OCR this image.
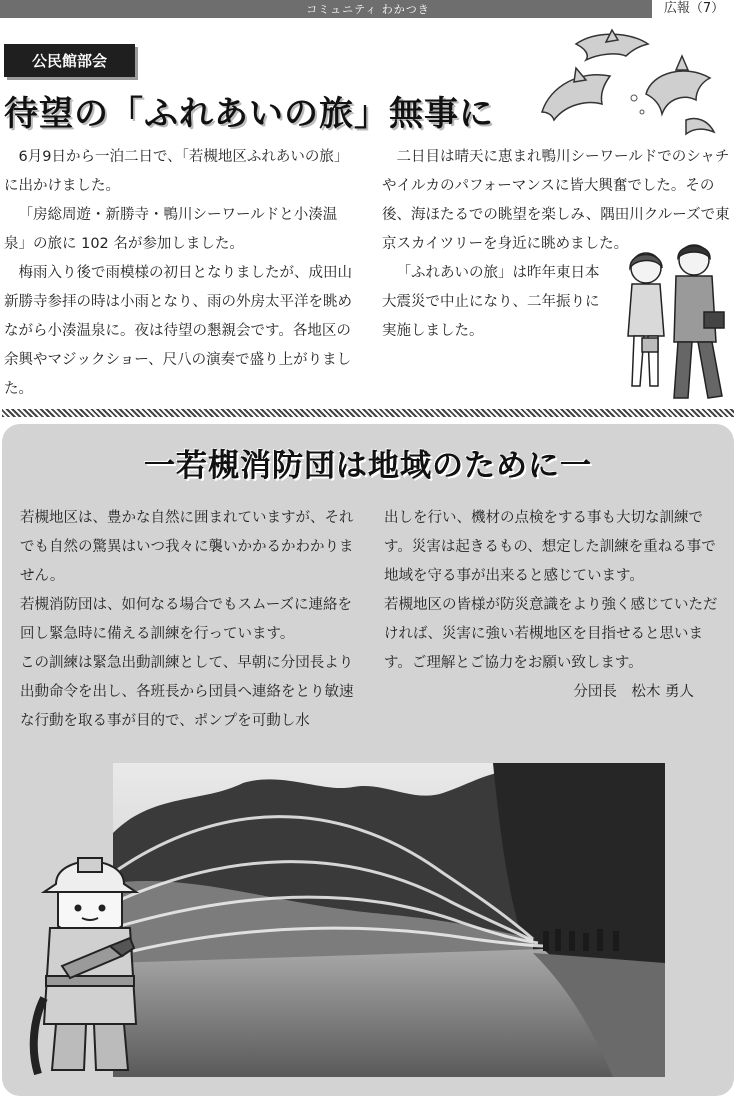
コミュニティ わかつき	広報（7）
公民館部会
待望の「ふれあいの旅」無事に

6月9日から一泊二日で、「若槻地区ふれあいの旅」に出かけました。

「房総周遊・新勝寺・鴨川シーワールドと小湊温泉」の旅に 102 名が参加しました。

梅雨入り後で雨模様の初日となりましたが、成田山新勝寺参拝の時は小雨となり、雨の外房太平洋を眺めながら小湊温泉に。夜は待望の懇親会です。各地区の余興やマジックショー、尺八の演奏で盛り上がりました。

二日目は晴天に恵まれ鴨川シーワールドでのシャチやイルカのパフォーマンスに皆大興奮でした。その後、海ほたるでの眺望を楽しみ、隅田川クルーズで東京スカイツリーを身近に眺めました。

「ふれあいの旅」は昨年東日本大震災で中止になり、二年振りに実施しました。

一若槻消防団は地域のために一

若槻地区は、豊かな自然に囲まれていますが、それでも自然の驚異はいつ我々に襲いかかるかわかりません。

若槻消防団は、如何なる場合でもスムーズに連絡を回し緊急時に備える訓練を行っています。

この訓練は緊急出動訓練として、早朝に分団長より出動命令を出し、各班長から団員へ連絡をとり敏速な行動を取る事が目的で、ポンプを可動し水

出しを行い、機材の点検をする事も大切な訓練です。災害は起きるもの、想定した訓練を重ねる事で地域を守る事が出来ると感じています。

若槻地区の皆様が防災意識をより強く感じていただければ、災害に強い若槻地区を目指せると思います。ご理解とご協力をお願い致します。

分団長　松木 勇人
